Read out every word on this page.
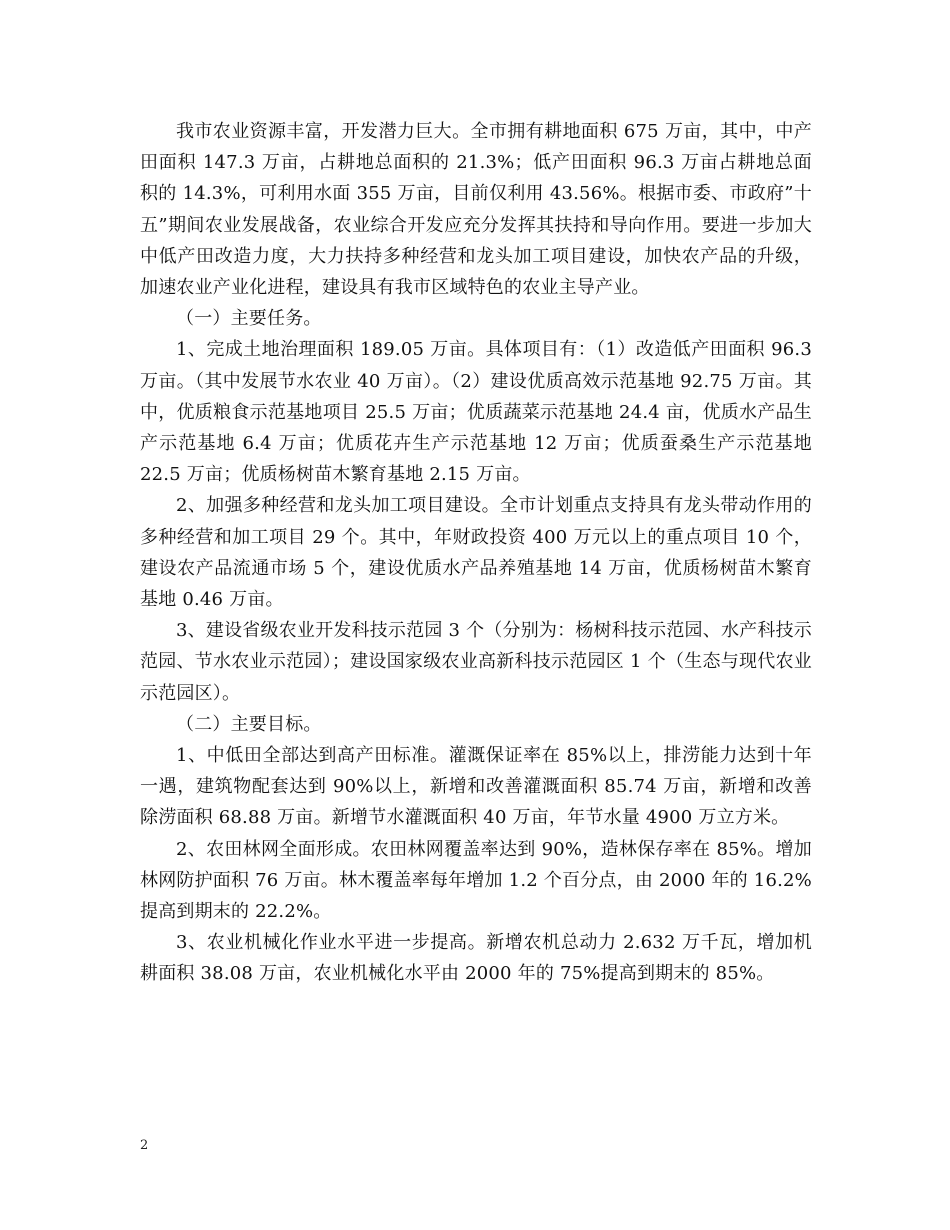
我市农业资源丰富，开发潜力巨大。全市拥有耕地面积 675 万亩，其中，中产田面积 147.3 万亩，占耕地总面积的 21.3%；低产田面积 96.3 万亩占耕地总面积的 14.3%，可利用水面 355 万亩，目前仅利用 43.56%。根据市委、市政府”十五”期间农业发展战备，农业综合开发应充分发挥其扶持和导向作用。要进一步加大中低产田改造力度，大力扶持多种经营和龙头加工项目建设，加快农产品的升级，加速农业产业化进程，建设具有我市区域特色的农业主导产业。

（一）主要任务。

1、完成土地治理面积 189.05 万亩。具体项目有：（1）改造低产田面积 96.3 万亩。（其中发展节水农业 40 万亩）。（2）建设优质高效示范基地 92.75 万亩。其中，优质粮食示范基地项目 25.5 万亩；优质蔬菜示范基地 24.4 亩，优质水产品生产示范基地 6.4 万亩；优质花卉生产示范基地 12 万亩；优质蚕桑生产示范基地 22.5 万亩；优质杨树苗木繁育基地 2.15 万亩。

2、加强多种经营和龙头加工项目建设。全市计划重点支持具有龙头带动作用的多种经营和加工项目 29 个。其中，年财政投资 400 万元以上的重点项目 10 个，建设农产品流通市场 5 个，建设优质水产品养殖基地 14 万亩，优质杨树苗木繁育基地 0.46 万亩。

3、建设省级农业开发科技示范园 3 个（分别为：杨树科技示范园、水产科技示范园、节水农业示范园）；建设国家级农业高新科技示范园区 1 个（生态与现代农业示范园区）。

（二）主要目标。

1、中低田全部达到高产田标准。灌溉保证率在 85%以上，排涝能力达到十年一遇，建筑物配套达到 90%以上，新增和改善灌溉面积 85.74 万亩，新增和改善除涝面积 68.88 万亩。新增节水灌溉面积 40 万亩，年节水量 4900 万立方米。

2、农田林网全面形成。农田林网覆盖率达到 90%，造林保存率在 85%。增加林网防护面积 76 万亩。林木覆盖率每年增加 1.2 个百分点，由 2000 年的 16.2%提高到期末的 22.2%。

3、农业机械化作业水平进一步提高。新增农机总动力 2.632 万千瓦，增加机耕面积 38.08 万亩，农业机械化水平由 2000 年的 75%提高到期末的 85%。

2
